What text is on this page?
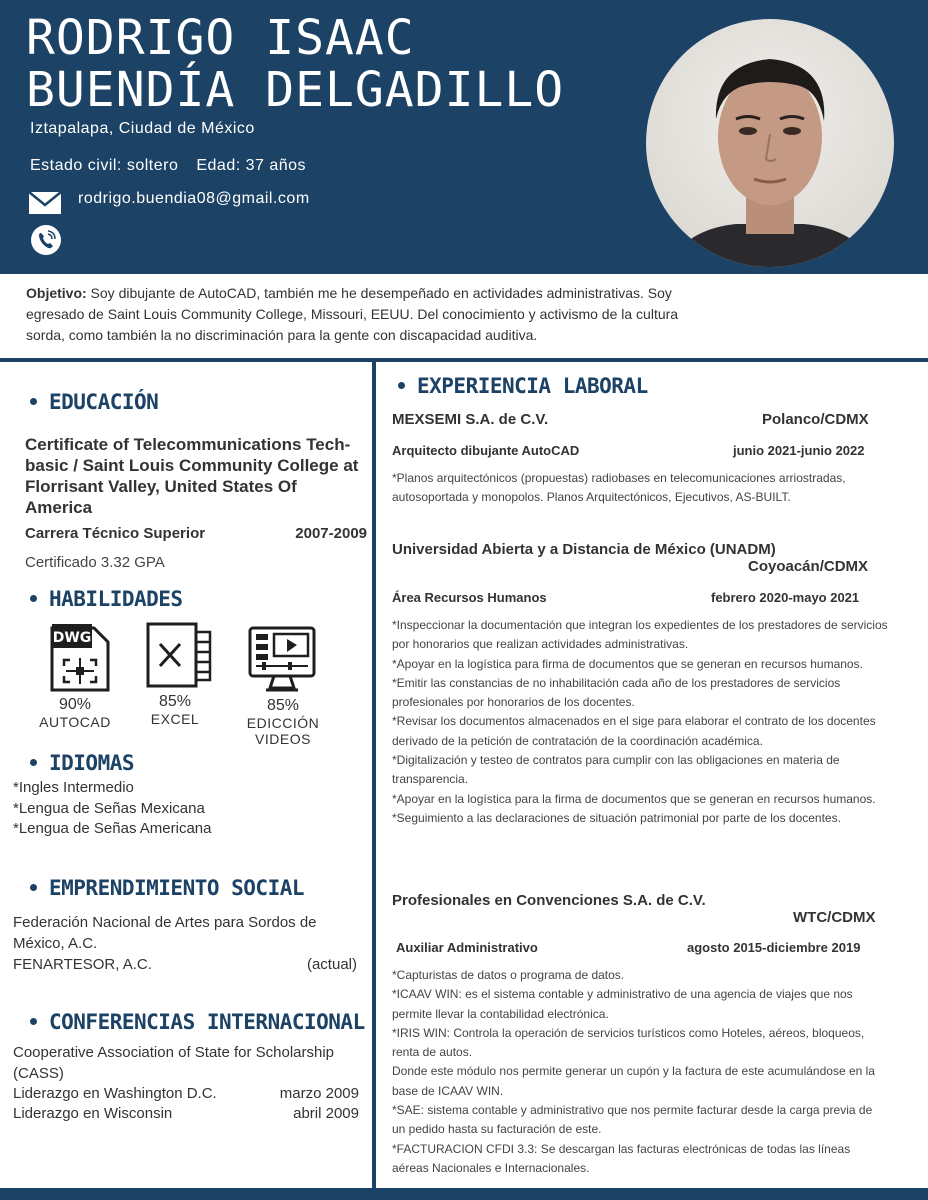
RODRIGO ISAAC
BUENDÍA DELGADILLO
Iztapalapa, Ciudad de México
Estado civil: soltero Edad: 37 años
rodrigo.buendia08@gmail.com
Objetivo: Soy dibujante de AutoCAD, también me he desempeñado en actividades administrativas. Soy egresado de Saint Louis Community College, Missouri, EEUU. Del conocimiento y activismo de la cultura sorda, como también la no discriminación para la gente con discapacidad auditiva.
EDUCACIÓN
Certificate of Telecommunications Tech-basic / Saint Louis Community College at Florrisant Valley, United States Of America
Carrera Técnico Superior	2007-2009
Certificado 3.32 GPA
HABILIDADES
DWG
90%
AUTOCAD
85%
EXCEL
85%
EDICCIÓN
VIDEOS
IDIOMAS
*Ingles Intermedio
*Lengua de Señas Mexicana
*Lengua de Señas Americana
EMPRENDIMIENTO SOCIAL
Federación Nacional de Artes para Sordos de
México, A.C.
FENARTESOR, A.C.	(actual)
CONFERENCIAS INTERNACIONAL
Cooperative Association of State for Scholarship (CASS)
Liderazgo en Washington D.C.	marzo 2009
Liderazgo en Wisconsin	abril 2009
EXPERIENCIA LABORAL
MEXSEMI S.A. de C.V.	Polanco/CDMX
Arquitecto dibujante AutoCAD	junio 2021-junio 2022
*Planos arquitectónicos (propuestas) radiobases en telecomunicaciones arriostradas, autosoportada y monopolos. Planos Arquitectónicos, Ejecutivos, AS-BUILT.
Universidad Abierta y a Distancia de México (UNADM)
Coyoacán/CDMX
Área Recursos Humanos	febrero 2020-mayo 2021
*Inspeccionar la documentación que integran los expedientes de los prestadores de servicios por honorarios que realizan actividades administrativas.
*Apoyar en la logística para firma de documentos que se generan en recursos humanos.
*Emitir las constancias de no inhabilitación cada año de los prestadores de servicios profesionales por honorarios de los docentes.
*Revisar los documentos almacenados en el sige para elaborar el contrato de los docentes derivado de la petición de contratación de la coordinación académica.
*Digitalización y testeo de contratos para cumplir con las obligaciones en materia de transparencia.
*Apoyar en la logística para la firma de documentos que se generan en recursos humanos.
*Seguimiento a las declaraciones de situación patrimonial por parte de los docentes.
Profesionales en Convenciones S.A. de C.V.
WTC/CDMX
Auxiliar Administrativo	agosto 2015-diciembre 2019
*Capturistas de datos o programa de datos.
*ICAAV WIN: es el sistema contable y administrativo de una agencia de viajes que nos permite llevar la contabilidad electrónica.
*IRIS WIN: Controla la operación de servicios turísticos como Hoteles, aéreos, bloqueos, renta de autos.
Donde este módulo nos permite generar un cupón y la factura de este acumulándose en la base de ICAAV WIN.
*SAE: sistema contable y administrativo que nos permite facturar desde la carga previa de un pedido hasta su facturación de este.
*FACTURACION CFDI 3.3: Se descargan las facturas electrónicas de todas las líneas aéreas Nacionales e Internacionales.
